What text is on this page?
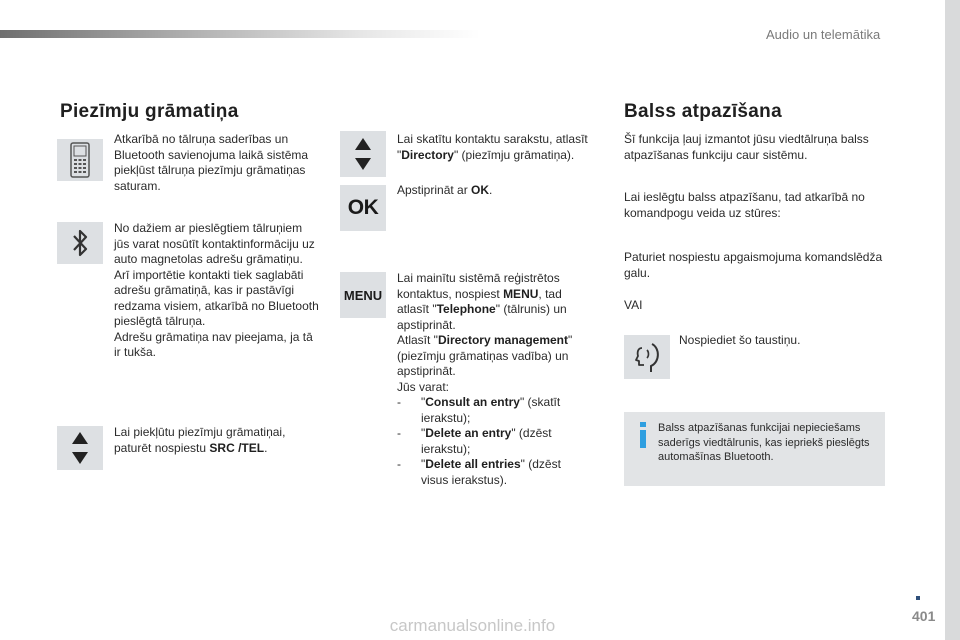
Audio un telemātika
Piezīmju grāmatiņa
Atkarībā no tālruņa saderības un Bluetooth savienojuma laikā sistēma piekļūst tālruņa piezīmju grāmatiņas saturam.
No dažiem ar pieslēgtiem tālruņiem jūs varat nosūtīt kontaktinformāciju uz auto magnetolas adrešu grāmatiņu.
Arī importētie kontakti tiek saglabāti adrešu grāmatiņā, kas ir pastāvīgi redzama visiem, atkarībā no Bluetooth pieslēgtā tālruņa.
Adrešu grāmatiņa nav pieejama, ja tā ir tukša.
Lai piekļūtu piezīmju grāmatiņai, paturēt nospiestu SRC /TEL.
Lai skatītu kontaktu sarakstu, atlasīt "Directory" (piezīmju grāmatiņa).
OK
Apstiprināt ar OK.
MENU
Lai mainītu sistēmā reģistrētos kontaktus, nospiest MENU, tad atlasīt "Telephone" (tālrunis) un apstiprināt.
Atlasīt "Directory management" (piezīmju grāmatiņas vadība) un apstiprināt.
Jūs varat:
-	"Consult an entry" (skatīt ierakstu);
-	"Delete an entry" (dzēst ierakstu);
-	"Delete all entries" (dzēst visus ierakstus).
Balss atpazīšana
Šī funkcija ļauj izmantot jūsu viedtālruņa balss atpazīšanas funkciju caur sistēmu.
Lai ieslēgtu balss atpazīšanu, tad atkarībā no komandpogu veida uz stūres:
Paturiet nospiestu apgaismojuma komandslēdža galu.
VAI
Nospiediet šo taustiņu.
Balss atpazīšanas funkcijai nepieciešams saderīgs viedtālrunis, kas iepriekš pieslēgts automašīnas Bluetooth.
401
carmanualsonline.info
